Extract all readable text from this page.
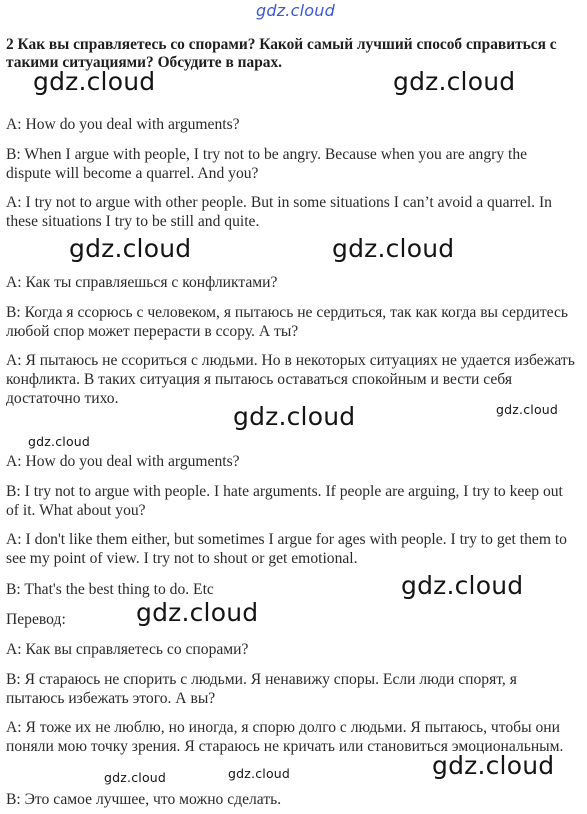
gdz.cloud

2 Как вы справляетесь со спорами? Какой самый лучший способ справиться с такими ситуациями? Обсудите в парах.

A: How do you deal with arguments?

B: When I argue with people, I try not to be angry. Because when you are angry the dispute will become a quarrel. And you?

A: I try not to argue with other people. But in some situations I can’t avoid a quarrel. In these situations I try to be still and quite.

A: Как ты справляешься с конфликтами?

B: Когда я ссорюсь с человеком, я пытаюсь не сердиться, так как когда вы сердитесь любой спор может перерасти в ссору. А ты?

A: Я пытаюсь не ссориться с людьми. Но в некоторых ситуациях не удается избежать конфликта. В таких ситуация я пытаюсь оставаться спокойным и вести себя достаточно тихо.

A: How do you deal with arguments?

B: I try not to argue with people. I hate arguments. If people are arguing, I try to keep out of it. What about you?

A: I don't like them either, but sometimes I argue for ages with people. I try to get them to see my point of view. I try not to shout or get emotional.

B: That's the best thing to do. Etc

Перевод:

A: Как вы справляетесь со спорами?

B: Я стараюсь не спорить с людьми. Я ненавижу споры. Если люди спорят, я пытаюсь избежать этого. А вы?

A: Я тоже их не люблю, но иногда, я спорю долго с людьми. Я пытаюсь, чтобы они поняли мою точку зрения. Я стараюсь не кричать или становиться эмоциональным.

B: Это самое лучшее, что можно сделать.

gdz.cloud	gdz.cloud
gdz.cloud	gdz.cloud
gdz.cloud	gdz.cloud
gdz.cloud
gdz.cloud
gdz.cloud
gdz.cloud
gdz.cloud	gdz.cloud
